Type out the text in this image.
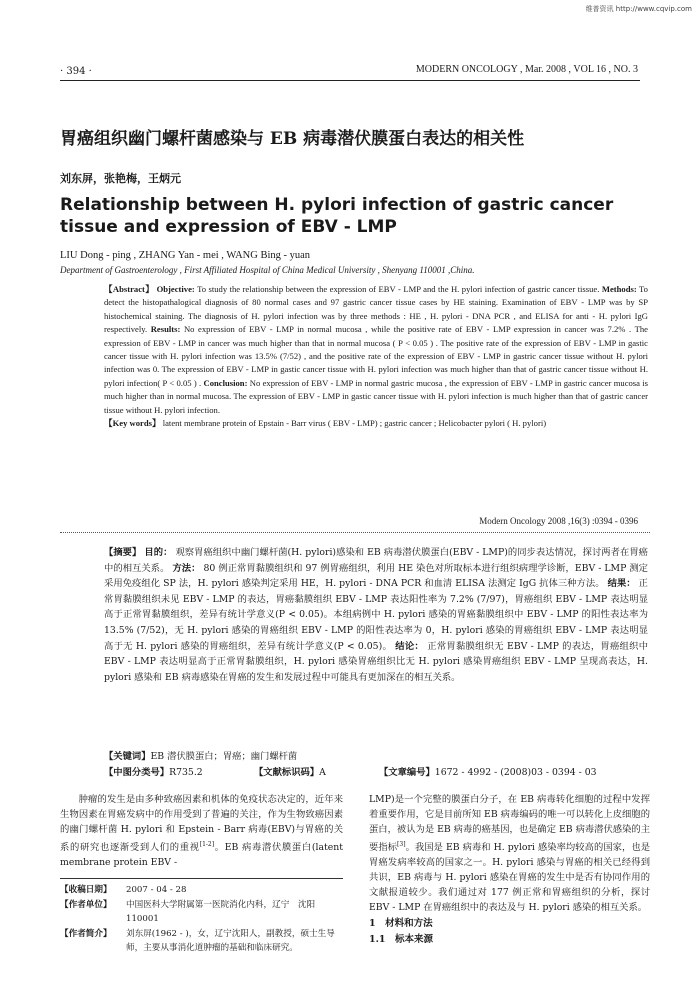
维普资讯 http://www.cqvip.com
· 394 ·	MODERN ONCOLOGY , Mar. 2008 , VOL 16 , NO. 3
胃癌组织幽门螺杆菌感染与 EB 病毒潜伏膜蛋白表达的相关性
刘东屏，张艳梅，王炳元
Relationship between H. pylori infection of gastric cancer tissue and expression of EBV - LMP
LIU Dong - ping , ZHANG Yan - mei , WANG Bing - yuan
Department of Gastroenterology , First Affiliated Hospital of China Medical University , Shenyang 110001 ,China.
【Abstract】 Objective: To study the relationship between the expression of EBV - LMP and the H. pylori infection of gastric cancer tissue. Methods: To detect the histopathalogical diagnosis of 80 normal cases and 97 gastric cancer tissue cases by HE staining. Examination of EBV - LMP was by SP histochemical staining. The diagnosis of H. pylori infection was by three methods : HE , H. pylori - DNA PCR , and ELISA for anti - H. pylori IgG respectively. Results: No expression of EBV - LMP in normal mucosa , while the positive rate of EBV - LMP expression in cancer was 7.2% . The expression of EBV - LMP in cancer was much higher than that in normal mucosa ( P < 0.05 ) . The positive rate of the expression of EBV - LMP in gastic cancer tissue with H. pylori infection was 13.5% (7/52) , and the positive rate of the expression of EBV - LMP in gastric cancer tissue without H. pylori infection was 0. The expression of EBV - LMP in gastic cancer tissue with H. pylori infection was much higher than that of gastric cancer tissue without H. pylori infection( P < 0.05 ) . Conclusion: No expression of EBV - LMP in normal gastric mucosa , the expression of EBV - LMP in gastric cancer mucosa is much higher than in normal mucosa. The expression of EBV - LMP in gastic cancer tissue with H. pylori infection is much higher than that of gastric cancer tissue without H. pylori infection.
【Key words】 latent membrane protein of Epstain - Barr virus ( EBV - LMP) ; gastric cancer ; Helicobacter pylori ( H. pylori)
Modern Oncology 2008 ,16(3) :0394 - 0396
【摘要】 目的： 观察胃癌组织中幽门螺杆菌(H. pylori)感染和 EB 病毒潜伏膜蛋白(EBV - LMP)的同步表达情况，探讨两者在胃癌中的相互关系。 方法： 80 例正常胃黏膜组织和 97 例胃癌组织，利用 HE 染色对所取标本进行组织病理学诊断，EBV - LMP 测定采用免疫组化 SP 法，H. pylori 感染判定采用 HE，H. pylori - DNA PCR 和血清 ELISA 法测定 IgG 抗体三种方法。 结果： 正常胃黏膜组织未见 EBV - LMP 的表达，胃癌黏膜组织 EBV - LMP 表达阳性率为 7.2% (7/97)，胃癌组织 EBV - LMP 表达明显高于正常胃黏膜组织，差异有统计学意义(P < 0.05)。本组病例中 H. pylori 感染的胃癌黏膜组织中 EBV - LMP 的阳性表达率为 13.5% (7/52)，无 H. pylori 感染的胃癌组织 EBV - LMP 的阳性表达率为 0，H. pylori 感染的胃癌组织 EBV - LMP 表达明显高于无 H. pylori 感染的胃癌组织，差异有统计学意义(P < 0.05)。 结论： 正常胃黏膜组织无 EBV - LMP 的表达，胃癌组织中 EBV - LMP 表达明显高于正常胃黏膜组织，H. pylori 感染胃癌组织比无 H. pylori 感染胃癌组织 EBV - LMP 呈现高表达，H. pylori 感染和 EB 病毒感染在胃癌的发生和发展过程中可能具有更加深在的相互关系。
【关键词】EB 潜伏膜蛋白；胃癌；幽门螺杆菌
【中图分类号】R735.2	【文献标识码】A	【文章编号】1672 - 4992 - (2008)03 - 0394 - 03
肿瘤的发生是由多种致癌因素和机体的免疫状态决定的，近年来生物因素在胃癌发病中的作用受到了普遍的关注，作为生物致癌因素的幽门螺杆菌 H. pylori 和 Epstein - Barr 病毒(EBV)与胃癌的关系的研究也逐渐受到人们的重视[1-2]。EB 病毒潜伏膜蛋白(latent membrane protein EBV -
【收稿日期】	2007 - 04 - 28
【作者单位】	中国医科大学附属第一医院消化内科，辽宁　沈阳　110001
【作者简介】	刘东屏(1962 - )，女，辽宁沈阳人，副教授，硕士生导师，主要从事消化道肿瘤的基础和临床研究。
LMP)是一个完整的膜蛋白分子，在 EB 病毒转化细胞的过程中发挥着重要作用，它是目前所知 EB 病毒编码的唯一可以转化上皮细胞的蛋白，被认为是 EB 病毒的癌基因，也是确定 EB 病毒潜伏感染的主要指标[3]。我国是 EB 病毒和 H. pylori 感染率均较高的国家，也是胃癌发病率较高的国家之一。H. pylori 感染与胃癌的相关已经得到共识，EB 病毒与 H. pylori 感染在胃癌的发生中是否有协同作用的文献报道较少。我们通过对 177 例正常和胃癌组织的分析，探讨 EBV - LMP 在胃癌组织中的表达及与 H. pylori 感染的相互关系。
1　材料和方法
1.1　标本来源
